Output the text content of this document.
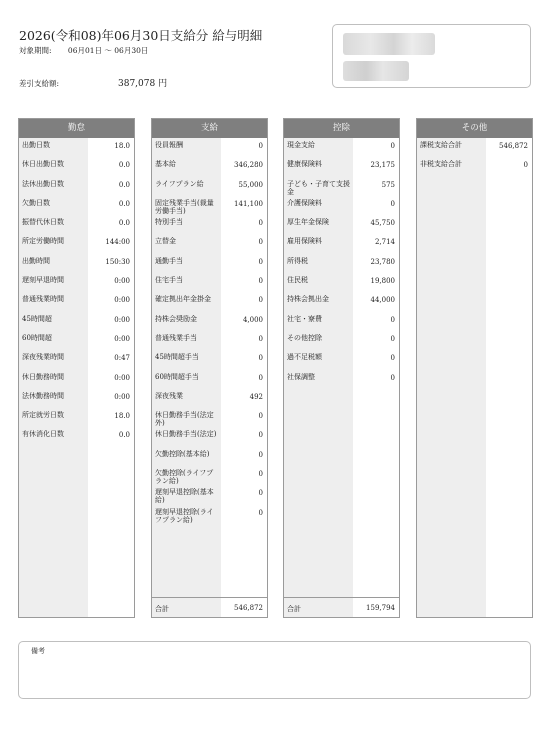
2026(令和08)年06月30日支給分 給与明細
対象期間: 06月01日 ～ 06月30日
差引支給額:	387,078 円
勤怠
出勤日数	18.0
休日出勤日数	0.0
法休出勤日数	0.0
欠勤日数	0.0
振替代休日数	0.0
所定労働時間	144:00
出勤時間	150:30
遅刻早退時間	0:00
普通残業時間	0:00
45時間超	0:00
60時間超	0:00
深夜残業時間	0:47
休日勤務時間	0:00
法休勤務時間	0:00
所定就労日数	18.0
有休消化日数	0.0
支給
役員報酬	0
基本給	346,280
ライフプラン給	55,000
固定残業手当(裁量労働手当)
141,100
特別手当	0
立替金	0
通勤手当	0
住宅手当	0
確定拠出年金掛金	0
持株会奨励金	4,000
普通残業手当	0
45時間超手当	0
60時間超手当	0
深夜残業	492
休日勤務手当(法定外)
0
休日勤務手当(法定)	0
欠勤控除(基本給)	0
欠勤控除(ライフプラン給)
0
遅刻早退控除(基本給)
0
遅刻早退控除(ライフプラン給)
0
合計	546,872
控除
現金支給	0
健康保険料	23,175
子ども・子育て支援金
575
介護保険料	0
厚生年金保険	45,750
雇用保険料	2,714
所得税	23,780
住民税	19,800
持株会拠出金	44,000
社宅・寮費	0
その他控除	0
過不足税額	0
社保調整	0
合計	159,794
その他
課税支給合計	546,872
非税支給合計	0
備考
